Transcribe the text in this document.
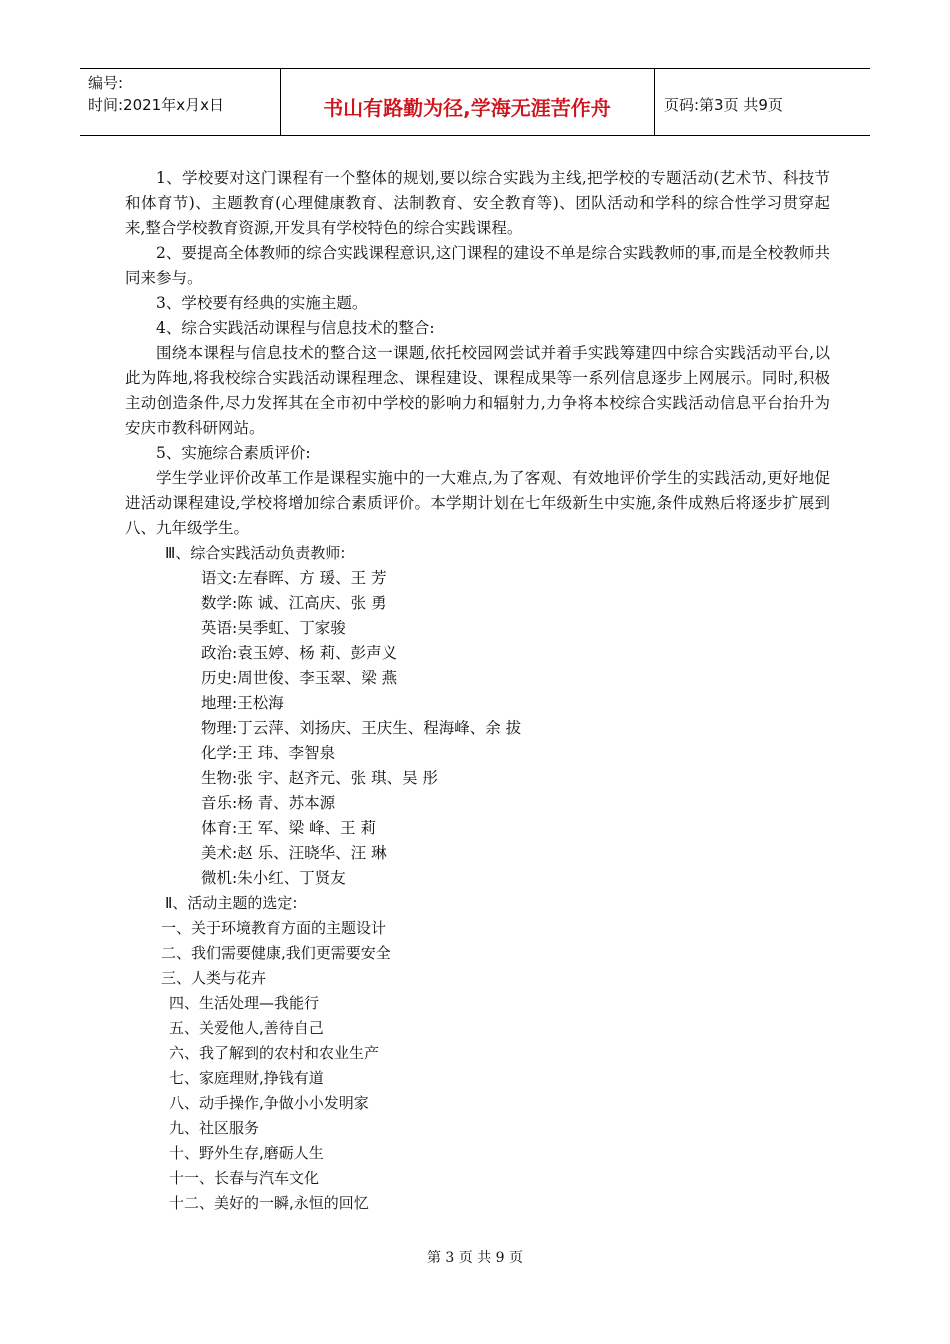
编号:
时间:2021年x月x日	书山有路勤为径,学海无涯苦作舟	页码:第3页 共9页

1、学校要对这门课程有一个整体的规划,要以综合实践为主线,把学校的专题活动(艺术节、科技节和体育节)、主题教育(心理健康教育、法制教育、安全教育等)、团队活动和学科的综合性学习贯穿起来,整合学校教育资源,开发具有学校特色的综合实践课程。

2、要提高全体教师的综合实践课程意识,这门课程的建设不单是综合实践教师的事,而是全校教师共同来参与。

3、学校要有经典的实施主题。

4、综合实践活动课程与信息技术的整合:

围绕本课程与信息技术的整合这一课题,依托校园网尝试并着手实践筹建四中综合实践活动平台,以此为阵地,将我校综合实践活动课程理念、课程建设、课程成果等一系列信息逐步上网展示。同时,积极主动创造条件,尽力发挥其在全市初中学校的影响力和辐射力,力争将本校综合实践活动信息平台抬升为安庆市教科研网站。

5、实施综合素质评价:

学生学业评价改革工作是课程实施中的一大难点,为了客观、有效地评价学生的实践活动,更好地促进活动课程建设,学校将增加综合素质评价。本学期计划在七年级新生中实施,条件成熟后将逐步扩展到八、九年级学生。

Ⅲ、综合实践活动负责教师:

语文:左春晖、方 瑗、王 芳

数学:陈 诚、江高庆、张 勇

英语:吴季虹、丁家骏

政治:袁玉婷、杨 莉、彭声义

历史:周世俊、李玉翠、梁 燕

地理:王松海

物理:丁云萍、刘扬庆、王庆生、程海峰、余 拔

化学:王 玮、李智泉

生物:张 宇、赵齐元、张 琪、吴 彤

音乐:杨 青、苏本源

体育:王 军、梁 峰、王 莉

美术:赵 乐、汪晓华、汪 琳

微机:朱小红、丁贤友

Ⅱ、活动主题的选定:

一、关于环境教育方面的主题设计

二、我们需要健康,我们更需要安全

三、人类与花卉

四、生活处理—我能行

五、关爱他人,善待自己

六、我了解到的农村和农业生产

七、家庭理财,挣钱有道

八、动手操作,争做小小发明家

九、社区服务

十、野外生存,磨砺人生

十一、长春与汽车文化

十二、美好的一瞬,永恒的回忆

第 3 页 共 9 页
